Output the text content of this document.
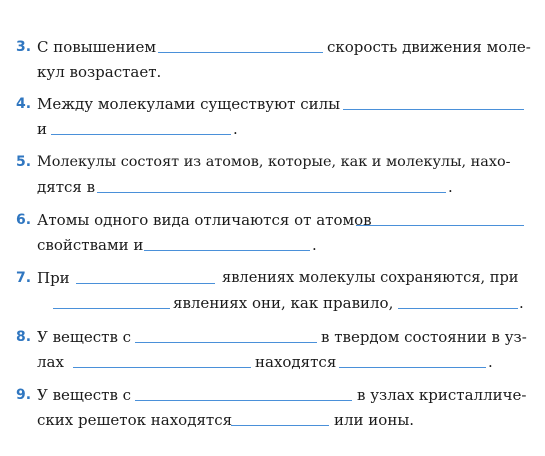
3. С повышением	скорость движения моле-
кул возрастает.
4. Между молекулами существуют силы
и	.
5. Молекулы состоят из атомов, которые, как и молекулы, нахо-
дятся в	.
6. Атомы одного вида отличаются от атомов
свойствами и	.
7. При	явлениях молекулы сохраняются, при
явлениях они, как правило,	.
8. У веществ с	в твердом состоянии в уз-
лах	находятся	.
9. У веществ с	в узлах кристалличе-
ских решеток находятся	или ионы.
